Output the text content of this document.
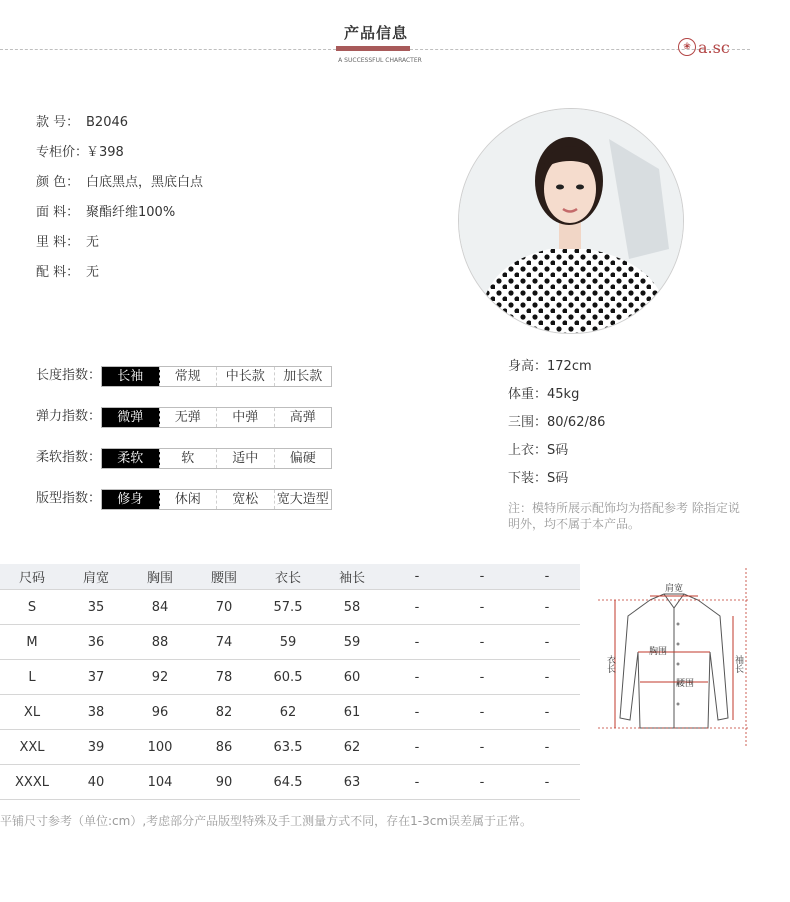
产品信息
A SUCCESSFUL CHARACTER
❀ a.sc
款 号： B2046
专柜价：￥398
颜 色： 白底黑点，黑底白点
面 料： 聚酯纤维100%
里 料： 无
配 料： 无
长度指数：	长袖	常规	中长款	加长款
弹力指数：	微弹	无弹	中弹	高弹
柔软指数：	柔软	软	适中	偏硬
版型指数：	修身	休闲	宽松	宽大造型
身高：172cm
体重：45kg
三围：80/62/86
上衣：S码
下装：S码
注：模特所展示配饰均为搭配参考 除指定说明外，均不属于本产品。
尺码	肩宽	胸围	腰围	衣长	袖长	-	-	-
S	35	84	70	57.5	58	-	-	-
M	36	88	74	59	59	-	-	-
L	37	92	78	60.5	60	-	-	-
XL	38	96	82	62	61	-	-	-
XXL	39	100	86	63.5	62	-	-	-
XXXL	40	104	90	64.5	63	-	-	-
肩宽
胸围
腰围
衣长	袖长
平铺尺寸参考（单位:cm）,考虑部分产品版型特殊及手工测量方式不同，存在1-3cm误差属于正常。
